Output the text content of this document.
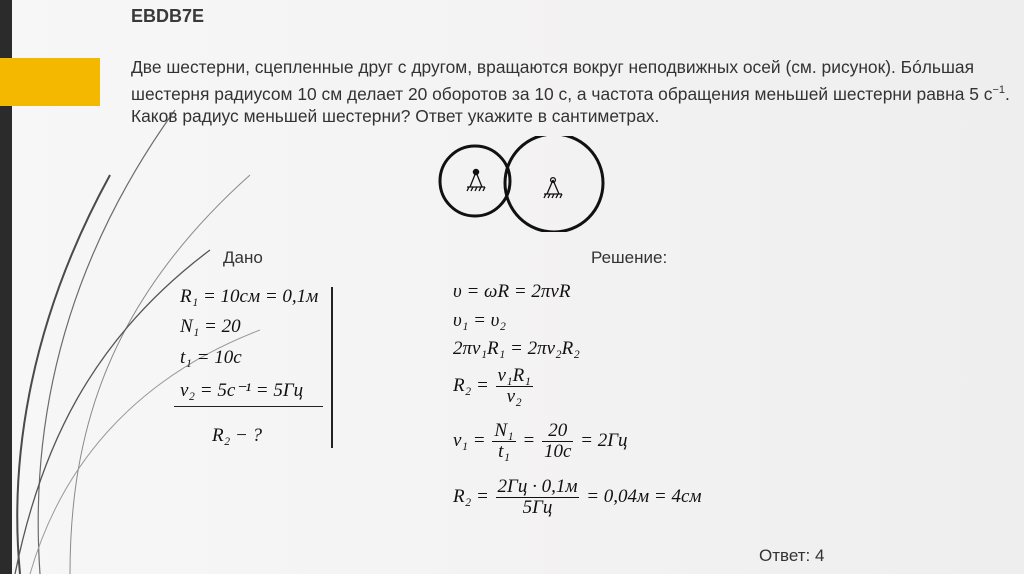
EBDB7E
Две шестерни, сцепленные друг с другом, вращаются вокруг неподвижных осей (см. рисунок). Бóльшая шестерня радиусом 10 см делает 20 оборотов за 10 с, а частота обращения меньшей шестерни равна 5 $с^{-1}$. Каков радиус меньшей шестерни? Ответ укажите в сантиметрах.
Дано	Решение:
R₁ = 10см = 0,1м
N₁ = 20
t₁ = 10с
ν₂ = 5с⁻¹ = 5Гц
R₂ − ?
υ = ωR = 2πνR
υ₁ = υ₂
2πν₁R₁ = 2πν₂R₂
$R_2 = \frac{\text{ν₁R₁}}{\text{ν₂}}$
$\nu_1 = \frac{\text{N₁}}{\text{t₁}} = \frac{20}{10с} = 2Гц$
$R_2 = \frac{2Гц \cdot 0,1м}{5Гц} = 0,04м = 4см$
Ответ: 4
